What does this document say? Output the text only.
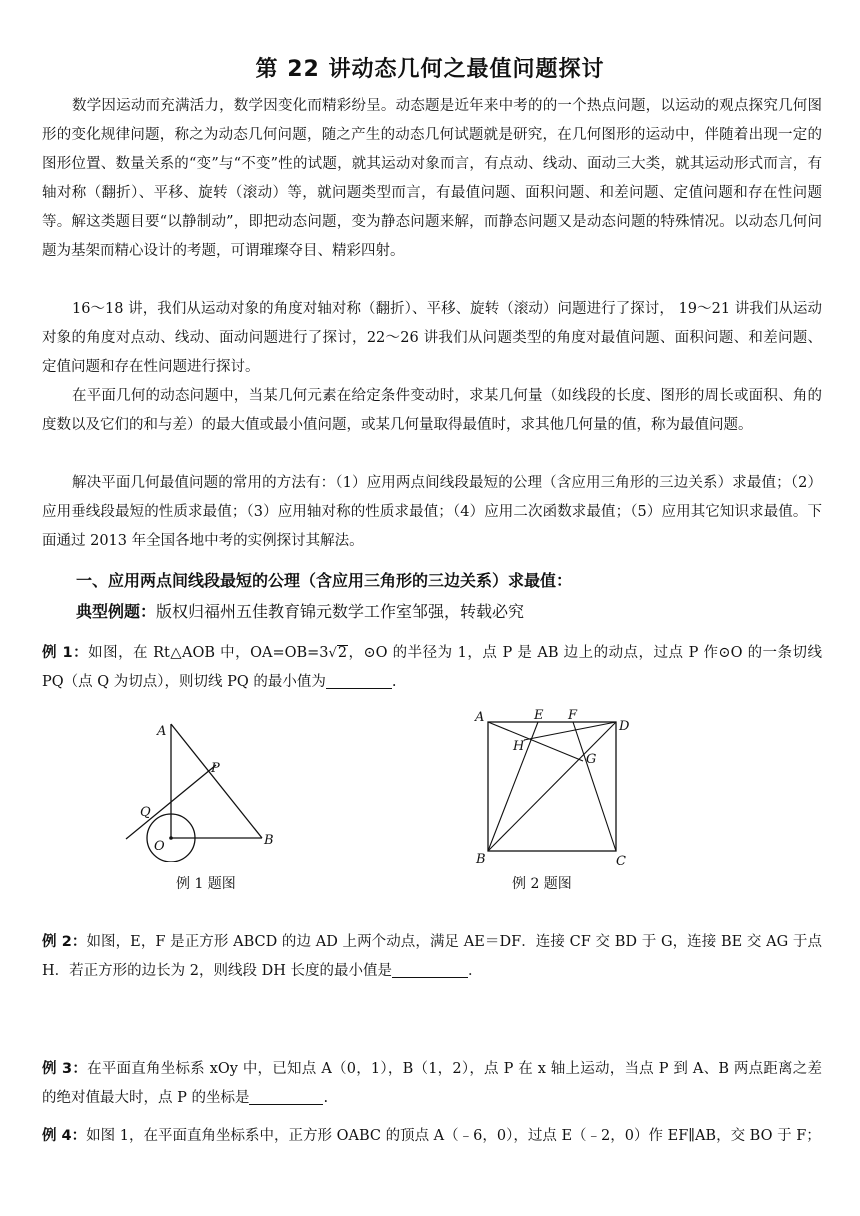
第 22 讲动态几何之最值问题探讨

数学因运动而充满活力，数学因变化而精彩纷呈。动态题是近年来中考的的一个热点问题，以运动的观点探究几何图形的变化规律问题，称之为动态几何问题，随之产生的动态几何试题就是研究，在几何图形的运动中，伴随着出现一定的图形位置、数量关系的“变”与“不变”性的试题，就其运动对象而言，有点动、线动、面动三大类，就其运动形式而言，有轴对称（翻折）、平移、旋转（滚动）等，就问题类型而言，有最值问题、面积问题、和差问题、定值问题和存在性问题等。解这类题目要“以静制动”，即把动态问题，变为静态问题来解，而静态问题又是动态问题的特殊情况。以动态几何问题为基架而精心设计的考题，可谓璀璨夺目、精彩四射。

16～18 讲，我们从运动对象的角度对轴对称（翻折）、平移、旋转（滚动）问题进行了探讨， 19～21 讲我们从运动对象的角度对点动、线动、面动问题进行了探讨，22～26 讲我们从问题类型的角度对最值问题、面积问题、和差问题、定值问题和存在性问题进行探讨。

在平面几何的动态问题中，当某几何元素在给定条件变动时，求某几何量（如线段的长度、图形的周长或面积、角的度数以及它们的和与差）的最大值或最小值问题，或某几何量取得最值时，求其他几何量的值，称为最值问题。

解决平面几何最值问题的常用的方法有：（1）应用两点间线段最短的公理（含应用三角形的三边关系）求最值；（2）应用垂线段最短的性质求最值；（3）应用轴对称的性质求最值；（4）应用二次函数求最值；（5）应用其它知识求最值。下面通过 2013 年全国各地中考的实例探讨其解法。

一、应用两点间线段最短的公理（含应用三角形的三边关系）求最值：
典型例题：版权归福州五佳教育锦元数学工作室邹强，转载必究

例 1：如图，在 Rt△AOB 中，OA=OB=3√2，⊙O 的半径为 1，点 P 是 AB 边上的动点，过点 P 作⊙O 的一条切线 PQ（点 Q 为切点），则切线 PQ 的最小值为	.

A
P
Q
O	B
例 1 题图
A	E F
D
H
G
B	C
例 2 题图

例 2：如图，E，F 是正方形 ABCD 的边 AD 上两个动点，满足 AE＝DF．连接 CF 交 BD 于 G，连接 BE 交 AG 于点 H．若正方形的边长为 2，则线段 DH 长度的最小值是	．

例 3：在平面直角坐标系 xOy 中，已知点 A（0，1），B（1，2），点 P 在 x 轴上运动，当点 P 到 A、B 两点距离之差的绝对值最大时，点 P 的坐标是	.

例 4：如图 1，在平面直角坐标系中，正方形 OABC 的顶点 A（﹣6，0），过点 E（﹣2，0）作 EF∥AB，交 BO 于 F；
